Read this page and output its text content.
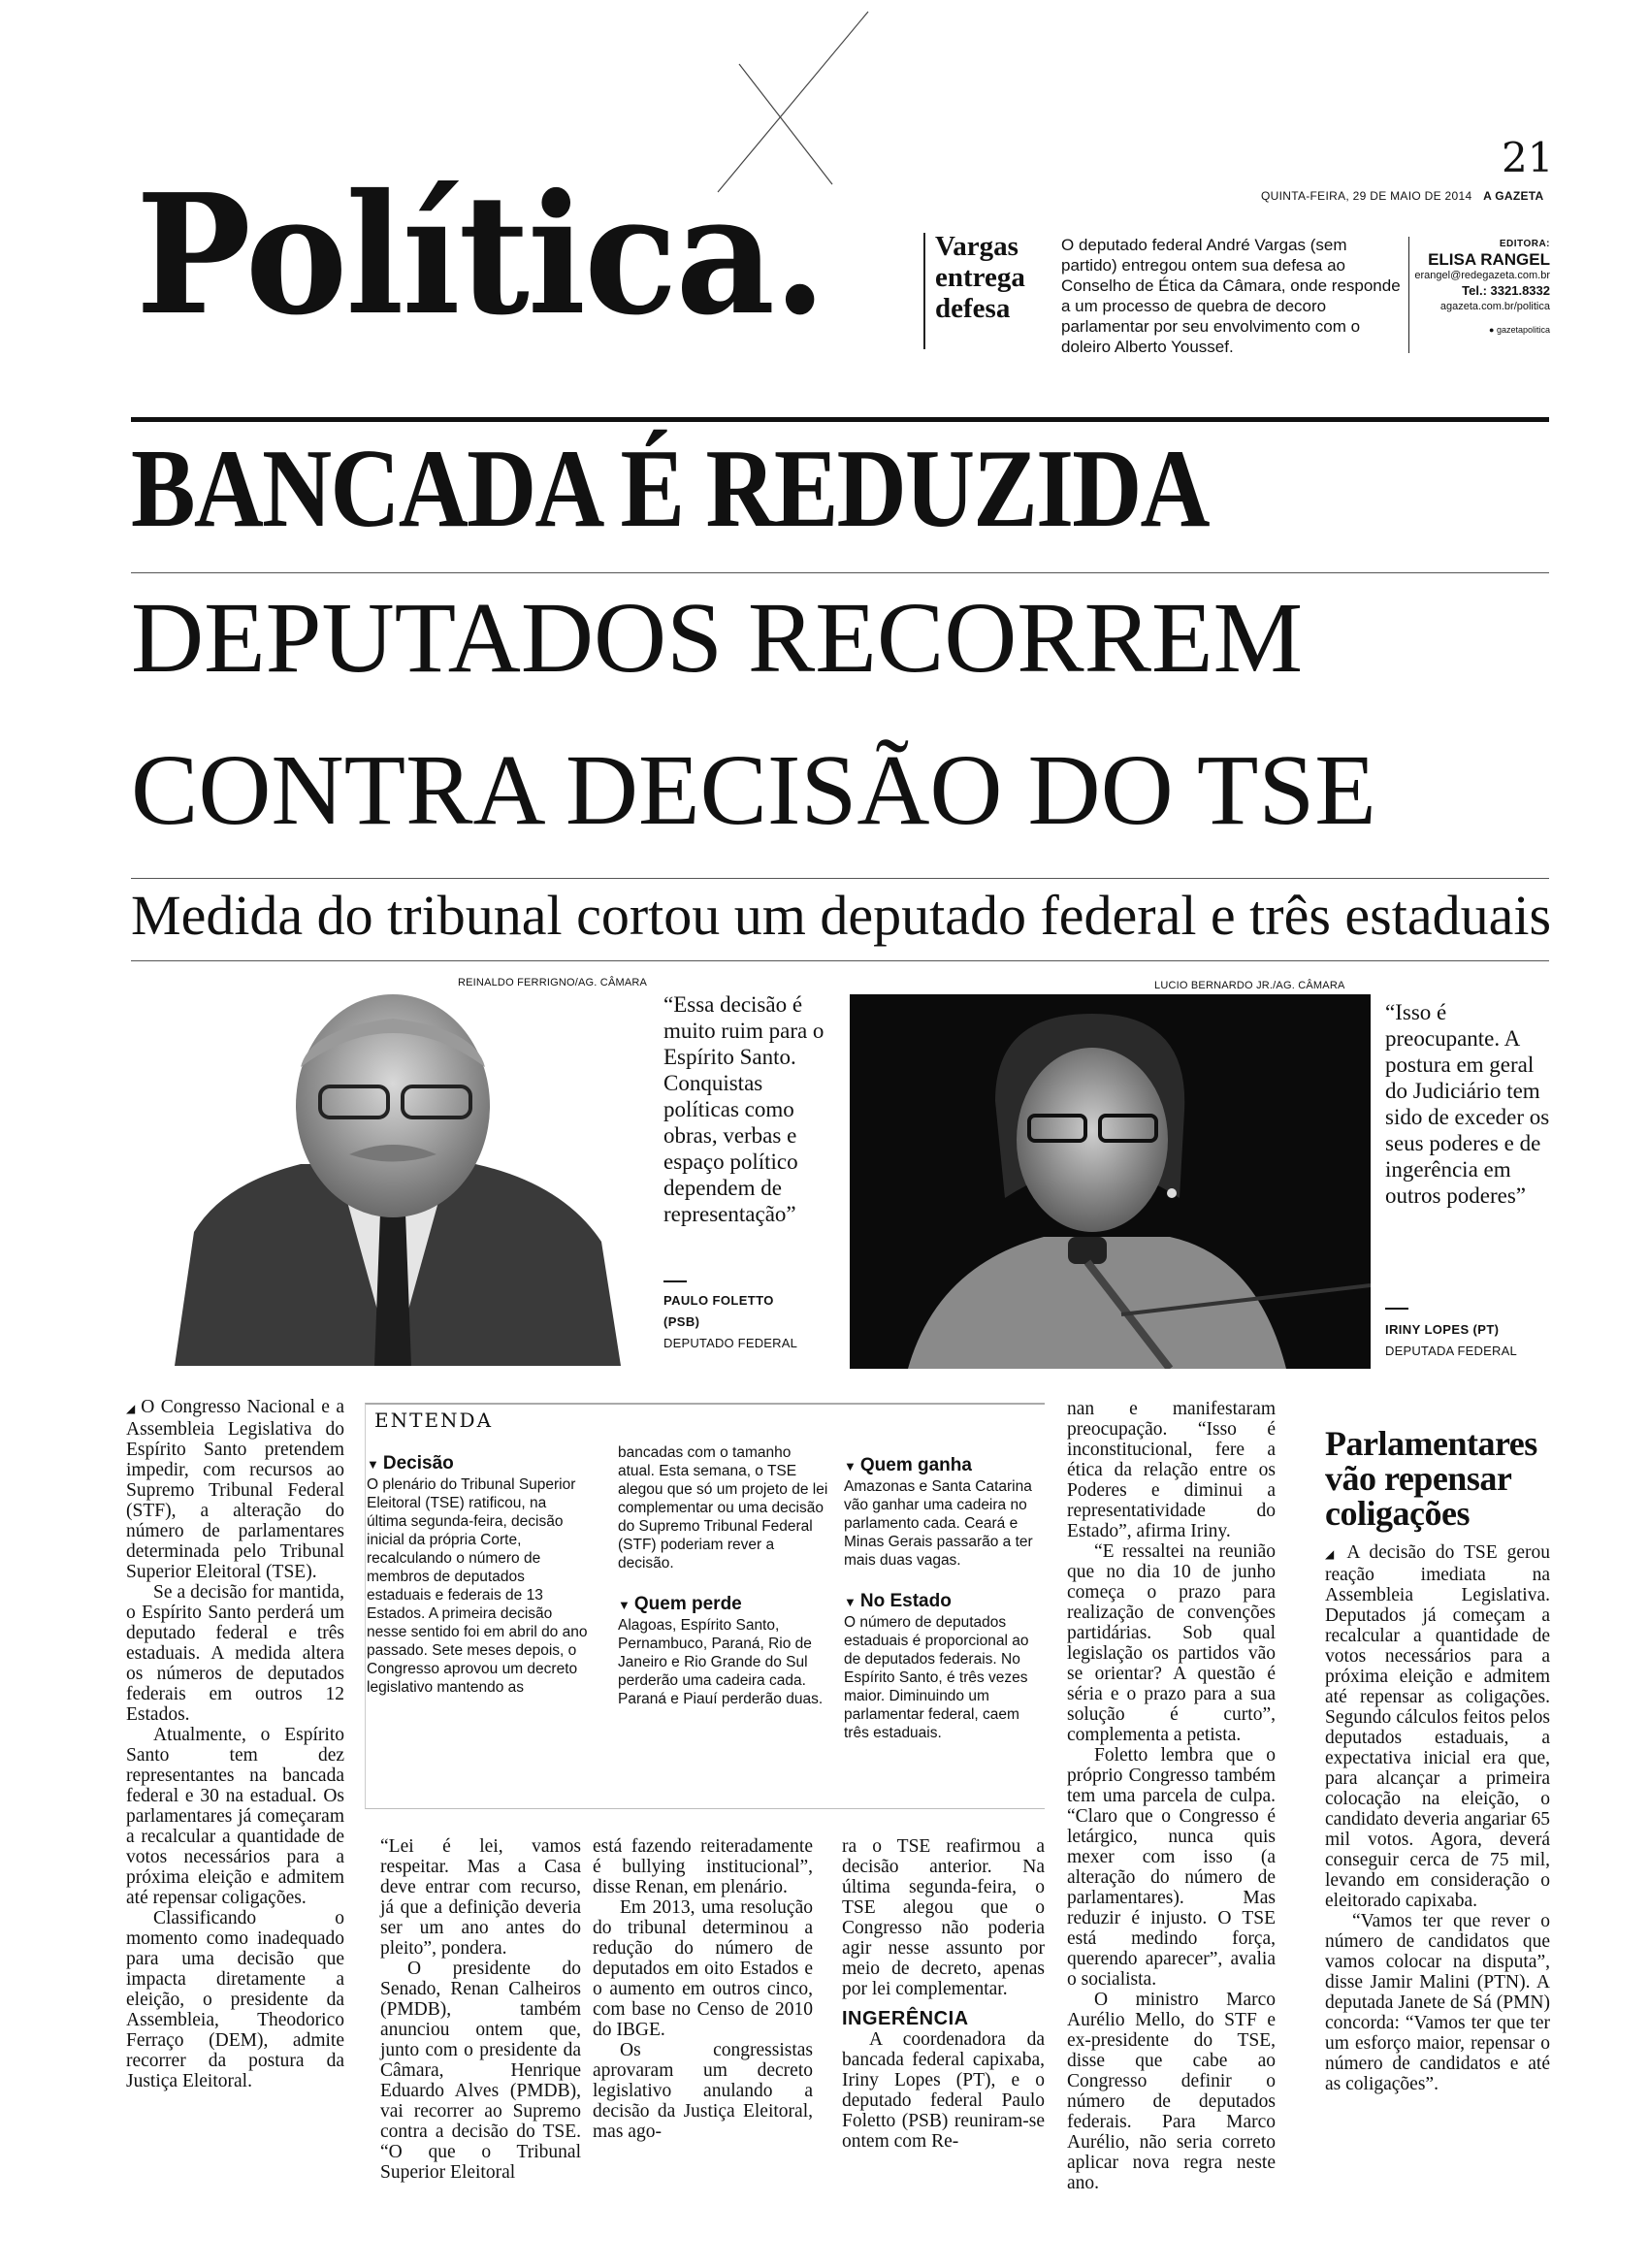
21
QUINTA-FEIRA, 29 DE MAIO DE 2014 A GAZETA
Política.	Vargas entrega defesa
O deputado federal André Vargas (sem partido) entregou ontem sua defesa ao Conselho de Ética da Câmara, onde responde a um processo de quebra de decoro parlamentar por seu envolvimento com o doleiro Alberto Youssef.
EDITORA:
ELISA RANGEL
erangel@redegazeta.com.br
Tel.: 3321.8332
agazeta.com.br/politica
● gazetapolitica
BANCADA É REDUZIDA
DEPUTADOS RECORREM
CONTRA DECISÃO DO TSE
Medida do tribunal cortou um deputado federal e três estaduais
REINALDO FERRIGNO/AG. CÂMARA	LUCIO BERNARDO JR./AG. CÂMARA
“Essa decisão é muito ruim para o Espírito Santo. Conquistas políticas como obras, verbas e espaço político dependem de representação”
PAULO FOLETTO
(PSB)
DEPUTADO FEDERAL
“Isso é preocupante. A postura em geral do Judiciário tem sido de exceder os seus poderes e de ingerência em outros poderes”
IRINY LOPES (PT)
DEPUTADA FEDERAL

◢ O Congresso Nacional e a Assembleia Legislativa do Espírito Santo pretendem impedir, com recursos ao Supremo Tribunal Federal (STF), a alteração do número de parlamentares determinada pelo Tribunal Superior Eleitoral (TSE).

Se a decisão for mantida, o Espírito Santo perderá um deputado federal e três estaduais. A medida altera os números de deputados federais em outros 12 Estados.

Atualmente, o Espírito Santo tem dez representantes na bancada federal e 30 na estadual. Os parlamentares já começaram a recalcular a quantidade de votos necessários para a próxima eleição e admitem até repensar coligações.

Classificando o momento como inadequado para uma decisão que impacta diretamente a eleição, o presidente da Assembleia, Theodorico Ferraço (DEM), admite recorrer da postura da Justiça Eleitoral.

ENTENDA
▼ Decisão
O plenário do Tribunal Superior Eleitoral (TSE) ratificou, na última segunda-feira, decisão inicial da própria Corte, recalculando o número de membros de deputados estaduais e federais de 13 Estados. A primeira decisão nesse sentido foi em abril do ano passado. Sete meses depois, o Congresso aprovou um decreto legislativo mantendo as
bancadas com o tamanho atual. Esta semana, o TSE alegou que só um projeto de lei complementar ou uma decisão do Supremo Tribunal Federal (STF) poderiam rever a decisão.
▼ Quem perde
Alagoas, Espírito Santo, Pernambuco, Paraná, Rio de Janeiro e Rio Grande do Sul perderão uma cadeira cada. Paraná e Piauí perderão duas.
▼ Quem ganha
Amazonas e Santa Catarina vão ganhar uma cadeira no parlamento cada. Ceará e Minas Gerais passarão a ter mais duas vagas.
▼ No Estado
O número de deputados estaduais é proporcional ao de deputados federais. No Espírito Santo, é três vezes maior. Diminuindo um parlamentar federal, caem três estaduais.

“Lei é lei, vamos respeitar. Mas a Casa deve entrar com recurso, já que a definição deveria ser um ano antes do pleito”, pondera.

O presidente do Senado, Renan Calheiros (PMDB), também anunciou ontem que, junto com o presidente da Câmara, Henrique Eduardo Alves (PMDB), vai recorrer ao Supremo contra a decisão do TSE. “O que o Tribunal Superior Eleitoral

está fazendo reiteradamente é bullying institucional”, disse Renan, em plenário.

Em 2013, uma resolução do tribunal determinou a redução do número de deputados em oito Estados e o aumento em outros cinco, com base no Censo de 2010 do IBGE.

Os congressistas aprovaram um decreto legislativo anulando a decisão da Justiça Eleitoral, mas ago-

ra o TSE reafirmou a decisão anterior. Na última segunda-feira, o TSE alegou que o Congresso não poderia agir nesse assunto por meio de decreto, apenas por lei complementar.

INGERÊNCIA

A coordenadora da bancada federal capixaba, Iriny Lopes (PT), e o deputado federal Paulo Foletto (PSB) reuniram-se ontem com Re-

nan e manifestaram preocupação. “Isso é inconstitucional, fere a ética da relação entre os Poderes e diminui a representatividade do Estado”, afirma Iriny.

“E ressaltei na reunião que no dia 10 de junho começa o prazo para realização de convenções partidárias. Sob qual legislação os partidos vão se orientar? A questão é séria e o prazo para a sua solução é curto”, complementa a petista.

Foletto lembra que o próprio Congresso também tem uma parcela de culpa. “Claro que o Congresso é letárgico, nunca quis mexer com isso (a alteração do número de parlamentares). Mas reduzir é injusto. O TSE está medindo força, querendo aparecer”, avalia o socialista.

O ministro Marco Aurélio Mello, do STF e ex-presidente do TSE, disse que cabe ao Congresso definir o número de deputados federais. Para Marco Aurélio, não seria correto aplicar nova regra neste ano.

Parlamentares vão repensar coligações

◢ A decisão do TSE gerou reação imediata na Assembleia Legislativa. Deputados já começam a recalcular a quantidade de votos necessários para a próxima eleição e admitem até repensar as coligações. Segundo cálculos feitos pelos deputados estaduais, a expectativa inicial era que, para alcançar a primeira colocação na eleição, o candidato deveria angariar 65 mil votos. Agora, deverá conseguir cerca de 75 mil, levando em consideração o eleitorado capixaba.

“Vamos ter que rever o número de candidatos que vamos colocar na disputa”, disse Jamir Malini (PTN). A deputada Janete de Sá (PMN) concorda: “Vamos ter que ter um esforço maior, repensar o número de candidatos e até as coligações”.
